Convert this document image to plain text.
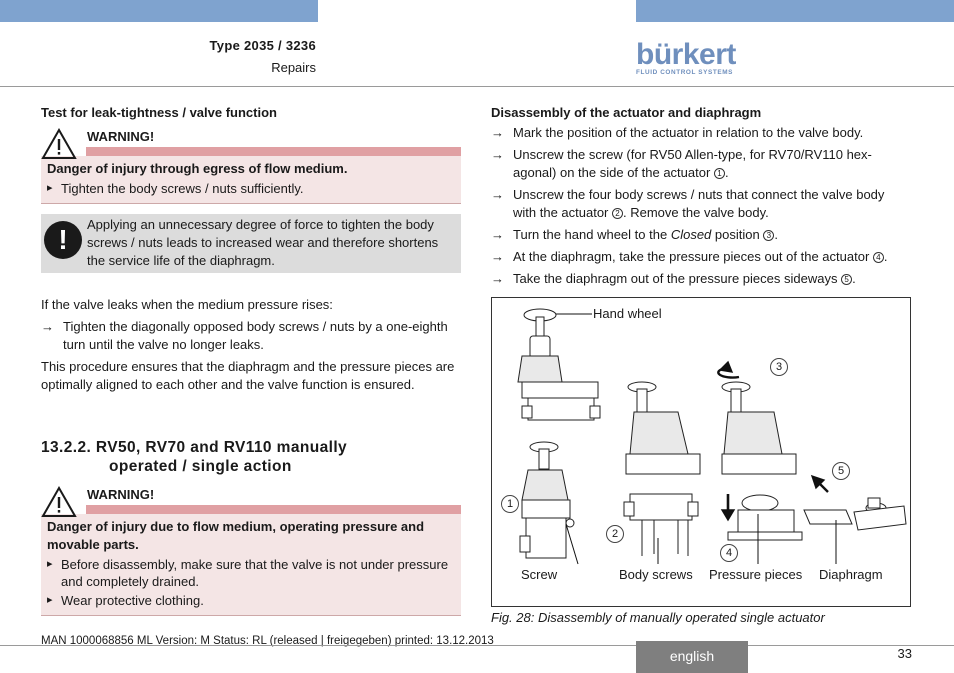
Type 2035 / 3236
Repairs	bürkert
FLUID CONTROL SYSTEMS
Test for leak-tightness / valve function
WARNING!
Danger of injury through egress of flow medium.
▸ Tighten the body screws / nuts sufficiently.
!	Applying an unnecessary degree of force to tighten the body screws / nuts leads to increased wear and therefore shortens the service life of the diaphragm.
If the valve leaks when the medium pressure rises:
→ Tighten the diagonally opposed body screws / nuts by a one-eighth turn until the valve no longer leaks.
This procedure ensures that the diaphragm and the pressure pieces are optimally aligned to each other and the valve function is ensured.
13.2.2. RV50, RV70 and RV110 manually
operated / single action
WARNING!
Danger of injury due to flow medium, operating pressure and movable parts.
▸ Before disassembly, make sure that the valve is not under pressure and completely drained.
▸ Wear protective clothing.
Disassembly of the actuator and diaphragm
→ Mark the position of the actuator in relation to the valve body.
→ Unscrew the screw (for RV50 Allen-type, for RV70/RV110 hex-agonal) on the side of the actuator 1 .
→ Unscrew the four body screws / nuts that connect the valve body with the actuator 2 . Remove the valve body.
→ Turn the hand wheel to the Closed position 3 .
→ At the diaphragm, take the pressure pieces out of the actuator 4 .
→ Take the diaphragm out of the pressure pieces sideways 5 .
Hand wheel
Screw	Body screws Pressure pieces Diaphragm
1
2
3
4
5
Fig. 28: Disassembly of manually operated single actuator
MAN 1000068856 ML Version: M Status: RL (released | freigegeben) printed: 13.12.2013
english	33
